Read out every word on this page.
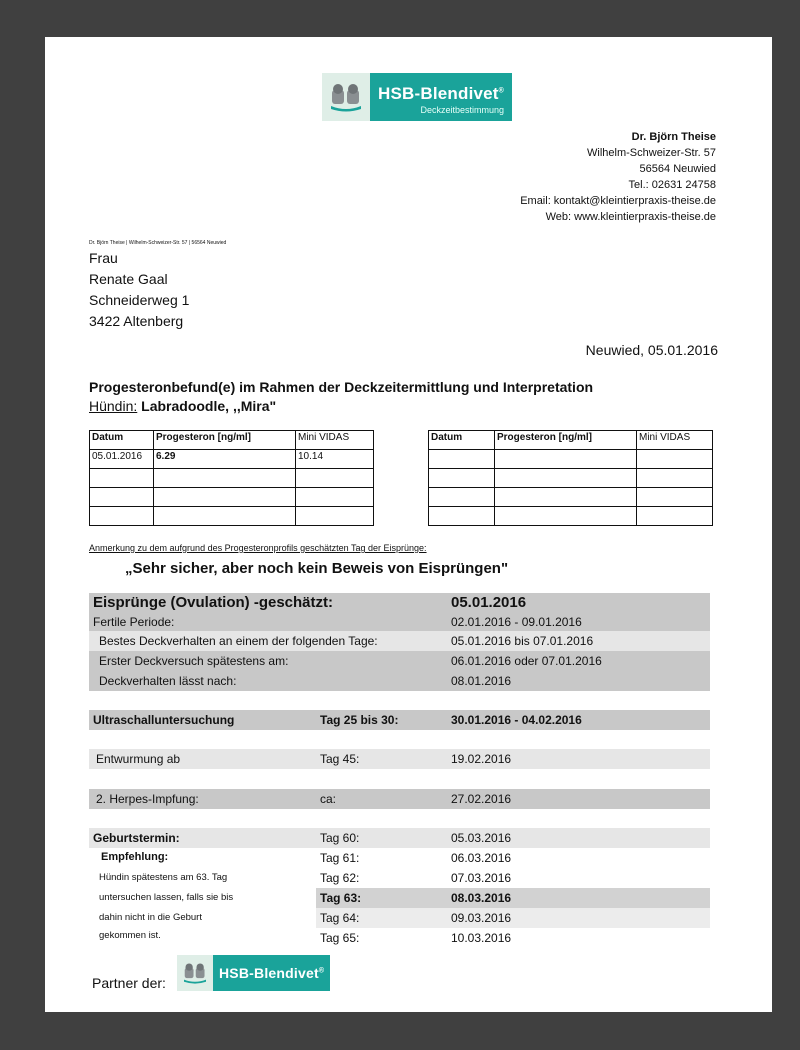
HSB-Blendivet®
Deckzeitbestimmung
Dr. Björn Theise
Wilhelm-Schweizer-Str. 57
56564 Neuwied
Tel.: 02631 24758
Email: kontakt@kleintierpraxis-theise.de
Web: www.kleintierpraxis-theise.de
Dr. Björn Theise | Wilhelm-Schweizer-Str. 57 | 56564 Neuwied
Frau
Renate Gaal
Schneiderweg 1
3422 Altenberg
Neuwied, 05.01.2016
Progesteronbefund(e) im Rahmen der Deckzeitermittlung und Interpretation
Hündin: Labradoodle, ,,Mira"
Datum	Progesteron [ng/ml]	Mini VIDAS
05.01.2016	6.29	10.14

Datum	Progesteron [ng/ml]	Mini VIDAS

Anmerkung zu dem aufgrund des Progesteronprofils geschätzten Tag der Eisprünge:
„Sehr sicher, aber noch kein Beweis von Eisprüngen"
Eisprünge (Ovulation) -geschätzt:	05.01.2016
Fertile Periode:	02.01.2016 - 09.01.2016
Bestes Deckverhalten an einem der folgenden Tage:	05.01.2016 bis 07.01.2016
Erster Deckversuch spätestens am:	06.01.2016 oder 07.01.2016
Deckverhalten lässt nach:	08.01.2016
Ultraschalluntersuchung	Tag 25 bis 30:	30.01.2016 - 04.02.2016
Entwurmung ab	Tag 45:	19.02.2016
2. Herpes-Impfung:	ca:	27.02.2016
Geburtstermin:	Tag 60:	05.03.2016
Empfehlung:	Tag 61:	06.03.2016
Hündin spätestens am 63. Tag	Tag 62:	07.03.2016
untersuchen lassen, falls sie bis	Tag 63:	08.03.2016
dahin nicht in die Geburt	Tag 64:	09.03.2016
gekommen ist.	Tag 65:	10.03.2016
Partner der:
HSB-Blendivet®
